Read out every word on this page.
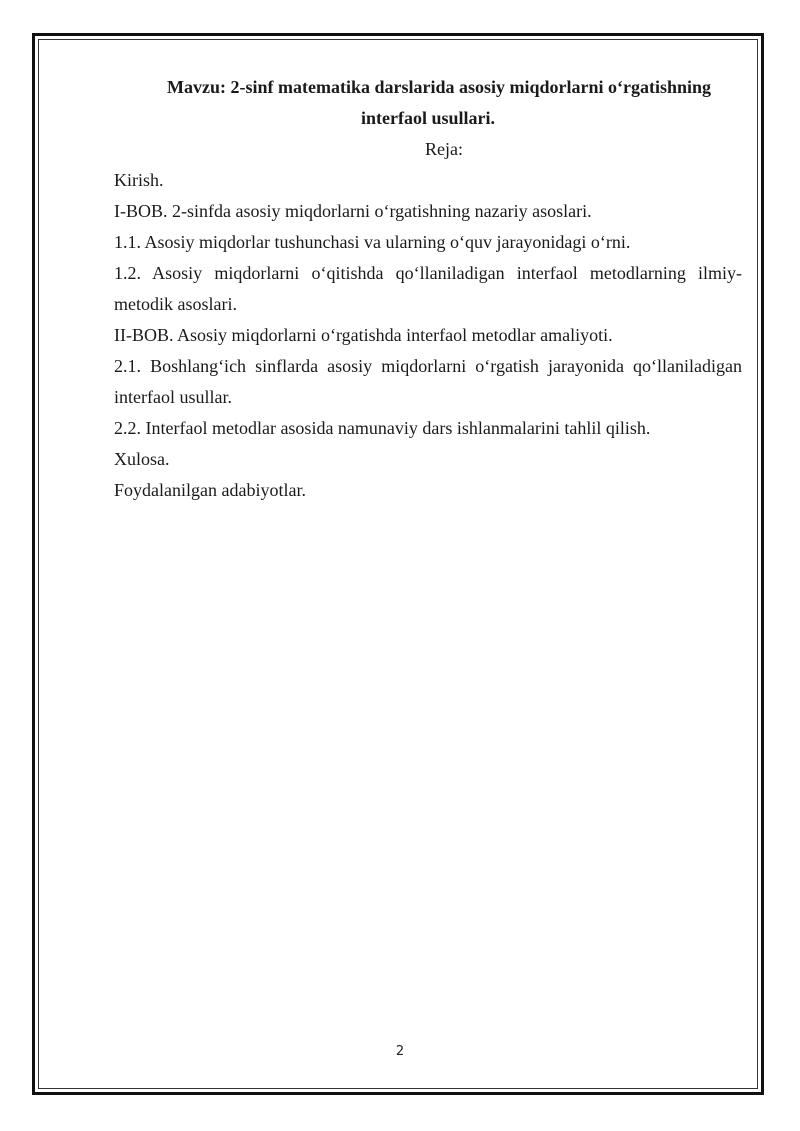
Mavzu: 2-sinf matematika darslarida asosiy miqdorlarni o‘rgatishning
interfaol usullari.

Reja:

Kirish.
I-BOB. 2-sinfda asosiy miqdorlarni o‘rgatishning nazariy asoslari.
1.1. Asosiy miqdorlar tushunchasi va ularning o‘quv jarayonidagi o‘rni.
1.2. Asosiy miqdorlarni o‘qitishda qo‘llaniladigan interfaol metodlarning ilmiy-metodik asoslari.
II-BOB. Asosiy miqdorlarni o‘rgatishda interfaol metodlar amaliyoti.
2.1. Boshlang‘ich sinflarda asosiy miqdorlarni o‘rgatish jarayonida qo‘llaniladigan interfaol usullar.
2.2. Interfaol metodlar asosida namunaviy dars ishlanmalarini tahlil qilish.
Xulosa.
Foydalanilgan adabiyotlar.
2
